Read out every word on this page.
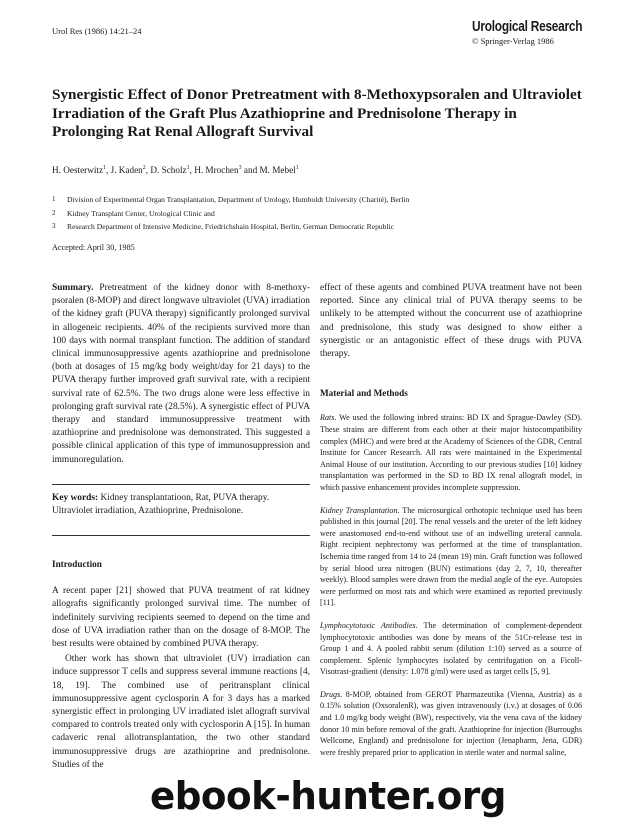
Urol Res (1986) 14:21–24	Urological Research
© Springer-Verlag 1986
Synergistic Effect of Donor Pretreatment with 8-Methoxypsoralen and Ultraviolet Irradiation of the Graft Plus Azathioprine and Prednisolone Therapy in Prolonging Rat Renal Allograft Survival
H. Oesterwitz$^1$, J. Kaden$^2$, D. Scholz$^1$, H. Mrochen$^3$ and M. Mebel$^1$
1	Division of Experimental Organ Transplantation, Department of Urology, Humboldt University (Charité), Berlin
2	Kidney Transplant Center, Urological Clinic and
3	Research Department of Intensive Medicine, Friedrichshain Hospital, Berlin, German Democratic Republic
Accepted: April 30, 1985

Summary. Pretreatment of the kidney donor with 8-methoxy-psoralen (8-MOP) and direct longwave ultraviolet (UVA) irradiation of the kidney graft (PUVA therapy) significantly prolonged survival in allogeneic recipients. 40% of the recipients survived more than 100 days with normal transplant function. The addition of standard clinical immunosuppressive agents azathioprine and prednisolone (both at dosages of 15 mg/kg body weight/day for 21 days) to the PUVA therapy further improved graft survival rate, with a recipient survival rate of 62.5%. The two drugs alone were less effective in prolonging graft survival rate (28.5%). A synergistic effect of PUVA therapy and standard immunosuppressive treatment with azathioprine and prednisolone was demonstrated. This suggested a possible clinical application of this type of immunosuppression and immunoregulation.

Key words: Kidney transplantatioon, Rat, PUVA therapy. Ultraviolet irradiation, Azathioprine, Prednisolone.
Introduction

A recent paper [21] showed that PUVA treatment of rat kidney allografts significantly prolonged survival time. The number of indefinitely surviving recipients seemed to depend on the time and dose of UVA irradiation rather than on the dosage of 8-MOP. The best results were obtained by combined PUVA therapy.

Other work has shown that ultraviolet (UV) irradiation can induce suppressor T cells and suppress several immune reactions [4, 18, 19]. The combined use of peritransplant clinical immunosuppressive agent cyclosporin A for 3 days has a marked synergistic effect in prolonging UV irradiated islet allograft survival compared to controls treated only with cyclosporin A [15]. In human cadaveric renal allotransplantation, the two other standard immunosuppressive drugs are azathioprine and prednisolone. Studies of the

effect of these agents and combined PUVA treatment have not been reported. Since any clinical trial of PUVA therapy seems to be unlikely to be attempted without the concurrent use of azathioprine and prednisolone, this study was designed to show either a synergistic or an antagonistic effect of these drugs with PUVA therapy.

Material and Methods

Rats. We used the following inbred strains: BD IX and Sprague-Dawley (SD). These strains are different from each other at their major histocompatibility complex (MHC) and were bred at the Academy of Sciences of the GDR, Central Institute for Cancer Research. All rats were maintained in the Experimental Animal House of our institution. According to our previous studies [10] kidney transplantation was performed in the SD to BD IX renal allograft model, in which passive enhancement provides incomplete suppression.

Kidney Transplantation. The microsurgical orthotopic technique used has been published in this journal [20]. The renal vessels and the ureter of the left kidney were anastomosed end-to-end without use of an indwelling ureteral cannula. Right recipient nephrectomy was performed at the time of transplantation. Ischemia time ranged from 14 to 24 (mean 19) min. Graft function was followed by serial blood urea nitrogen (BUN) estimations (day 2, 7, 10, thereafter weekly). Blood samples were drawn from the medial angle of the eye. Autopsies were performed on most rats and which were examined as reported previously [11].

Lymphocytotoxic Antibodies. The determination of complement-dependent lymphocytotoxic antibodies was done by means of the 51Cr-release test in Group 1 and 4. A pooled rabbit serum (dilution 1:10) served as a source of complement. Splenic lymphocytes isolated by centrifugation on a Ficoll-Visotrast-gradient (density: 1.078 g/ml) were used as target cells [5, 9].

Drugs. 8-MOP, obtained from GEROT Pharmazeutika (Vienna, Austria) as a 0.15% solution (OxsoralenR), was given intravenously (i.v.) at dosages of 0.06 and 1.0 mg/kg body weight (BW), respectively, via the vena cava of the kidney donor 10 min before removal of the graft. Azathioprine for injection (Burroughs Wellcome, England) and prednisolone for injection (Jenapharm, Jena, GDR) were freshly prepared prior to application in sterile water and normal saline,

ebook-hunter.org
